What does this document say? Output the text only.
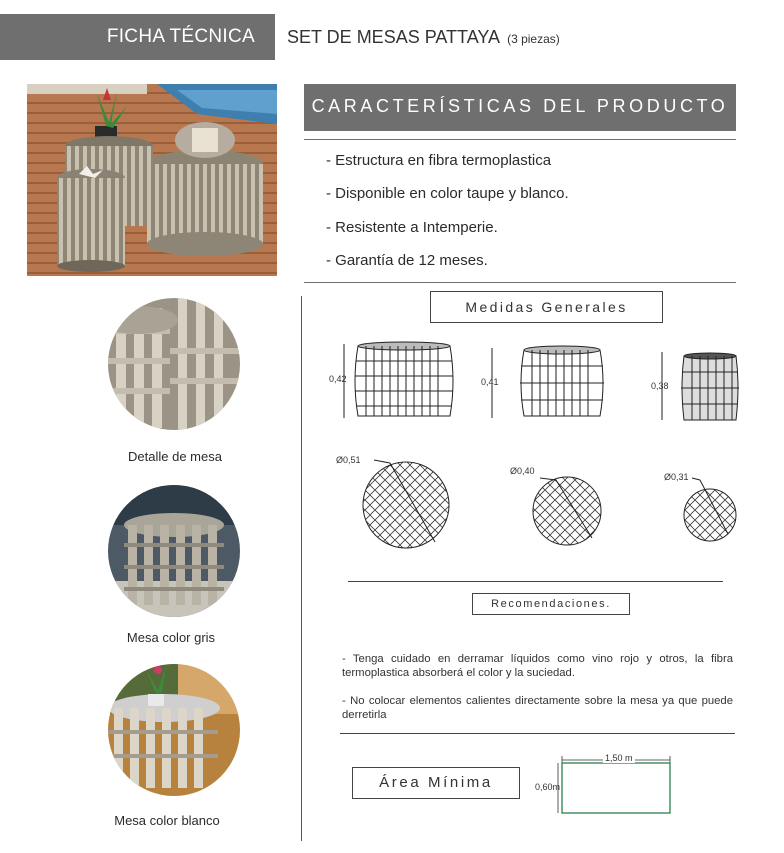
FICHA TÉCNICA SET DE MESAS PATTAYA (3 piezas)
CARACTERÍSTICAS DEL PRODUCTO
- Estructura en fibra termoplastica
- Disponible en color taupe y blanco.
- Resistente a Intemperie.
- Garantía de 12 meses.
Detalle de mesa
Mesa color gris
Mesa color blanco
Medidas Generales
0,42	0,41	0,38
Ø0,51
Ø0,40
Ø0,31
Recomendaciones.
- Tenga cuidado en derramar líquidos como vino rojo y otros, la fibra termoplastica absorberá el color y la suciedad.
- No colocar elementos calientes directamente sobre la mesa ya que puede derretirla
Área Mínima
1,50 m
0,60m
